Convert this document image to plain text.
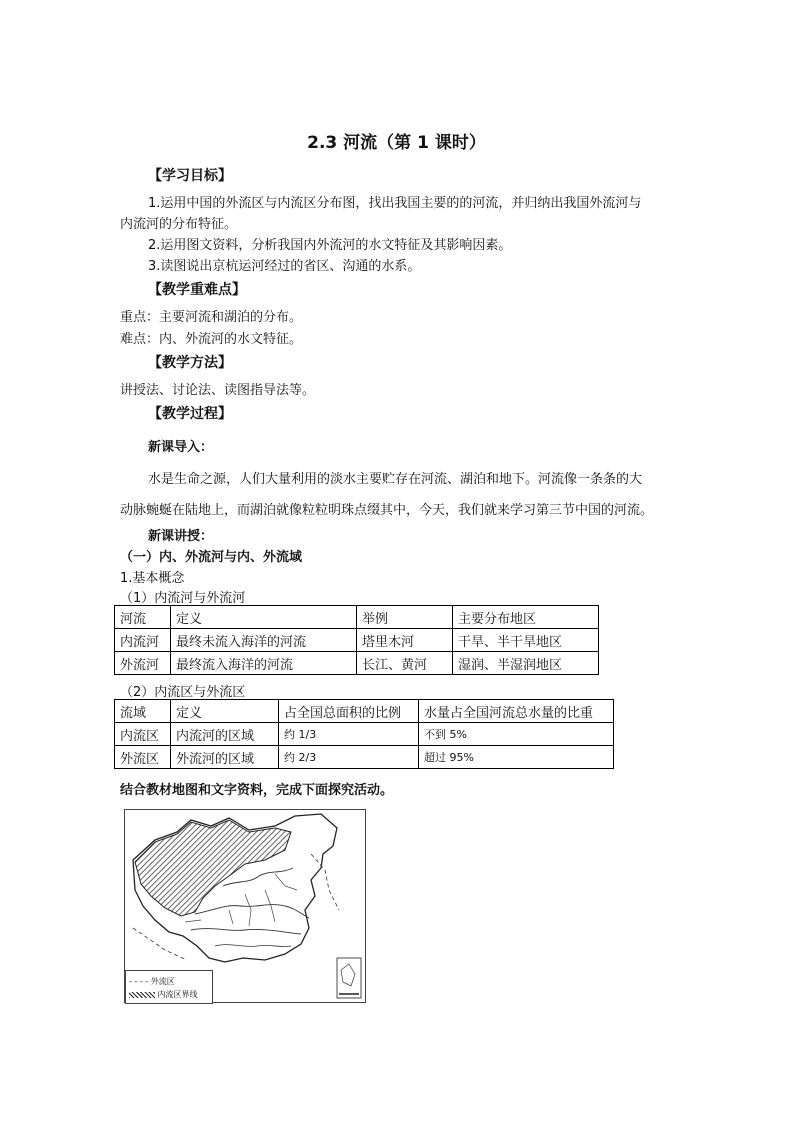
2.3 河流（第 1 课时）
【学习目标】
1.运用中国的外流区与内流区分布图，找出我国主要的的河流，并归纳出我国外流河与
内流河的分布特征。
2.运用图文资料，分析我国内外流河的水文特征及其影响因素。
3.读图说出京杭运河经过的省区、沟通的水系。
【教学重难点】
重点：主要河流和湖泊的分布。
难点：内、外流河的水文特征。
【教学方法】
讲授法、讨论法、读图指导法等。
【教学过程】
新课导入：
水是生命之源，人们大量利用的淡水主要贮存在河流、湖泊和地下。河流像一条条的大
动脉蜿蜒在陆地上，而湖泊就像粒粒明珠点缀其中，今天，我们就来学习第三节中国的河流。
新课讲授：
（一）内、外流河与内、外流域
1.基本概念
（1）内流河与外流河
河流	定义	举例	主要分布地区
内流河	最终未流入海洋的河流	塔里木河	干旱、半干旱地区
外流河	最终流入海洋的河流	长江、黄河	湿润、半湿润地区
（2）内流区与外流区
流域	定义	占全国总面积的比例	水量占全国河流总水量的比重
内流区	内流河的区域	约 1/3	不到 5%
外流区	外流河的区域	约 2/3	超过 95%
结合教材地图和文字资料，完成下面探究活动。
- - - - 外流区
内流区界线
